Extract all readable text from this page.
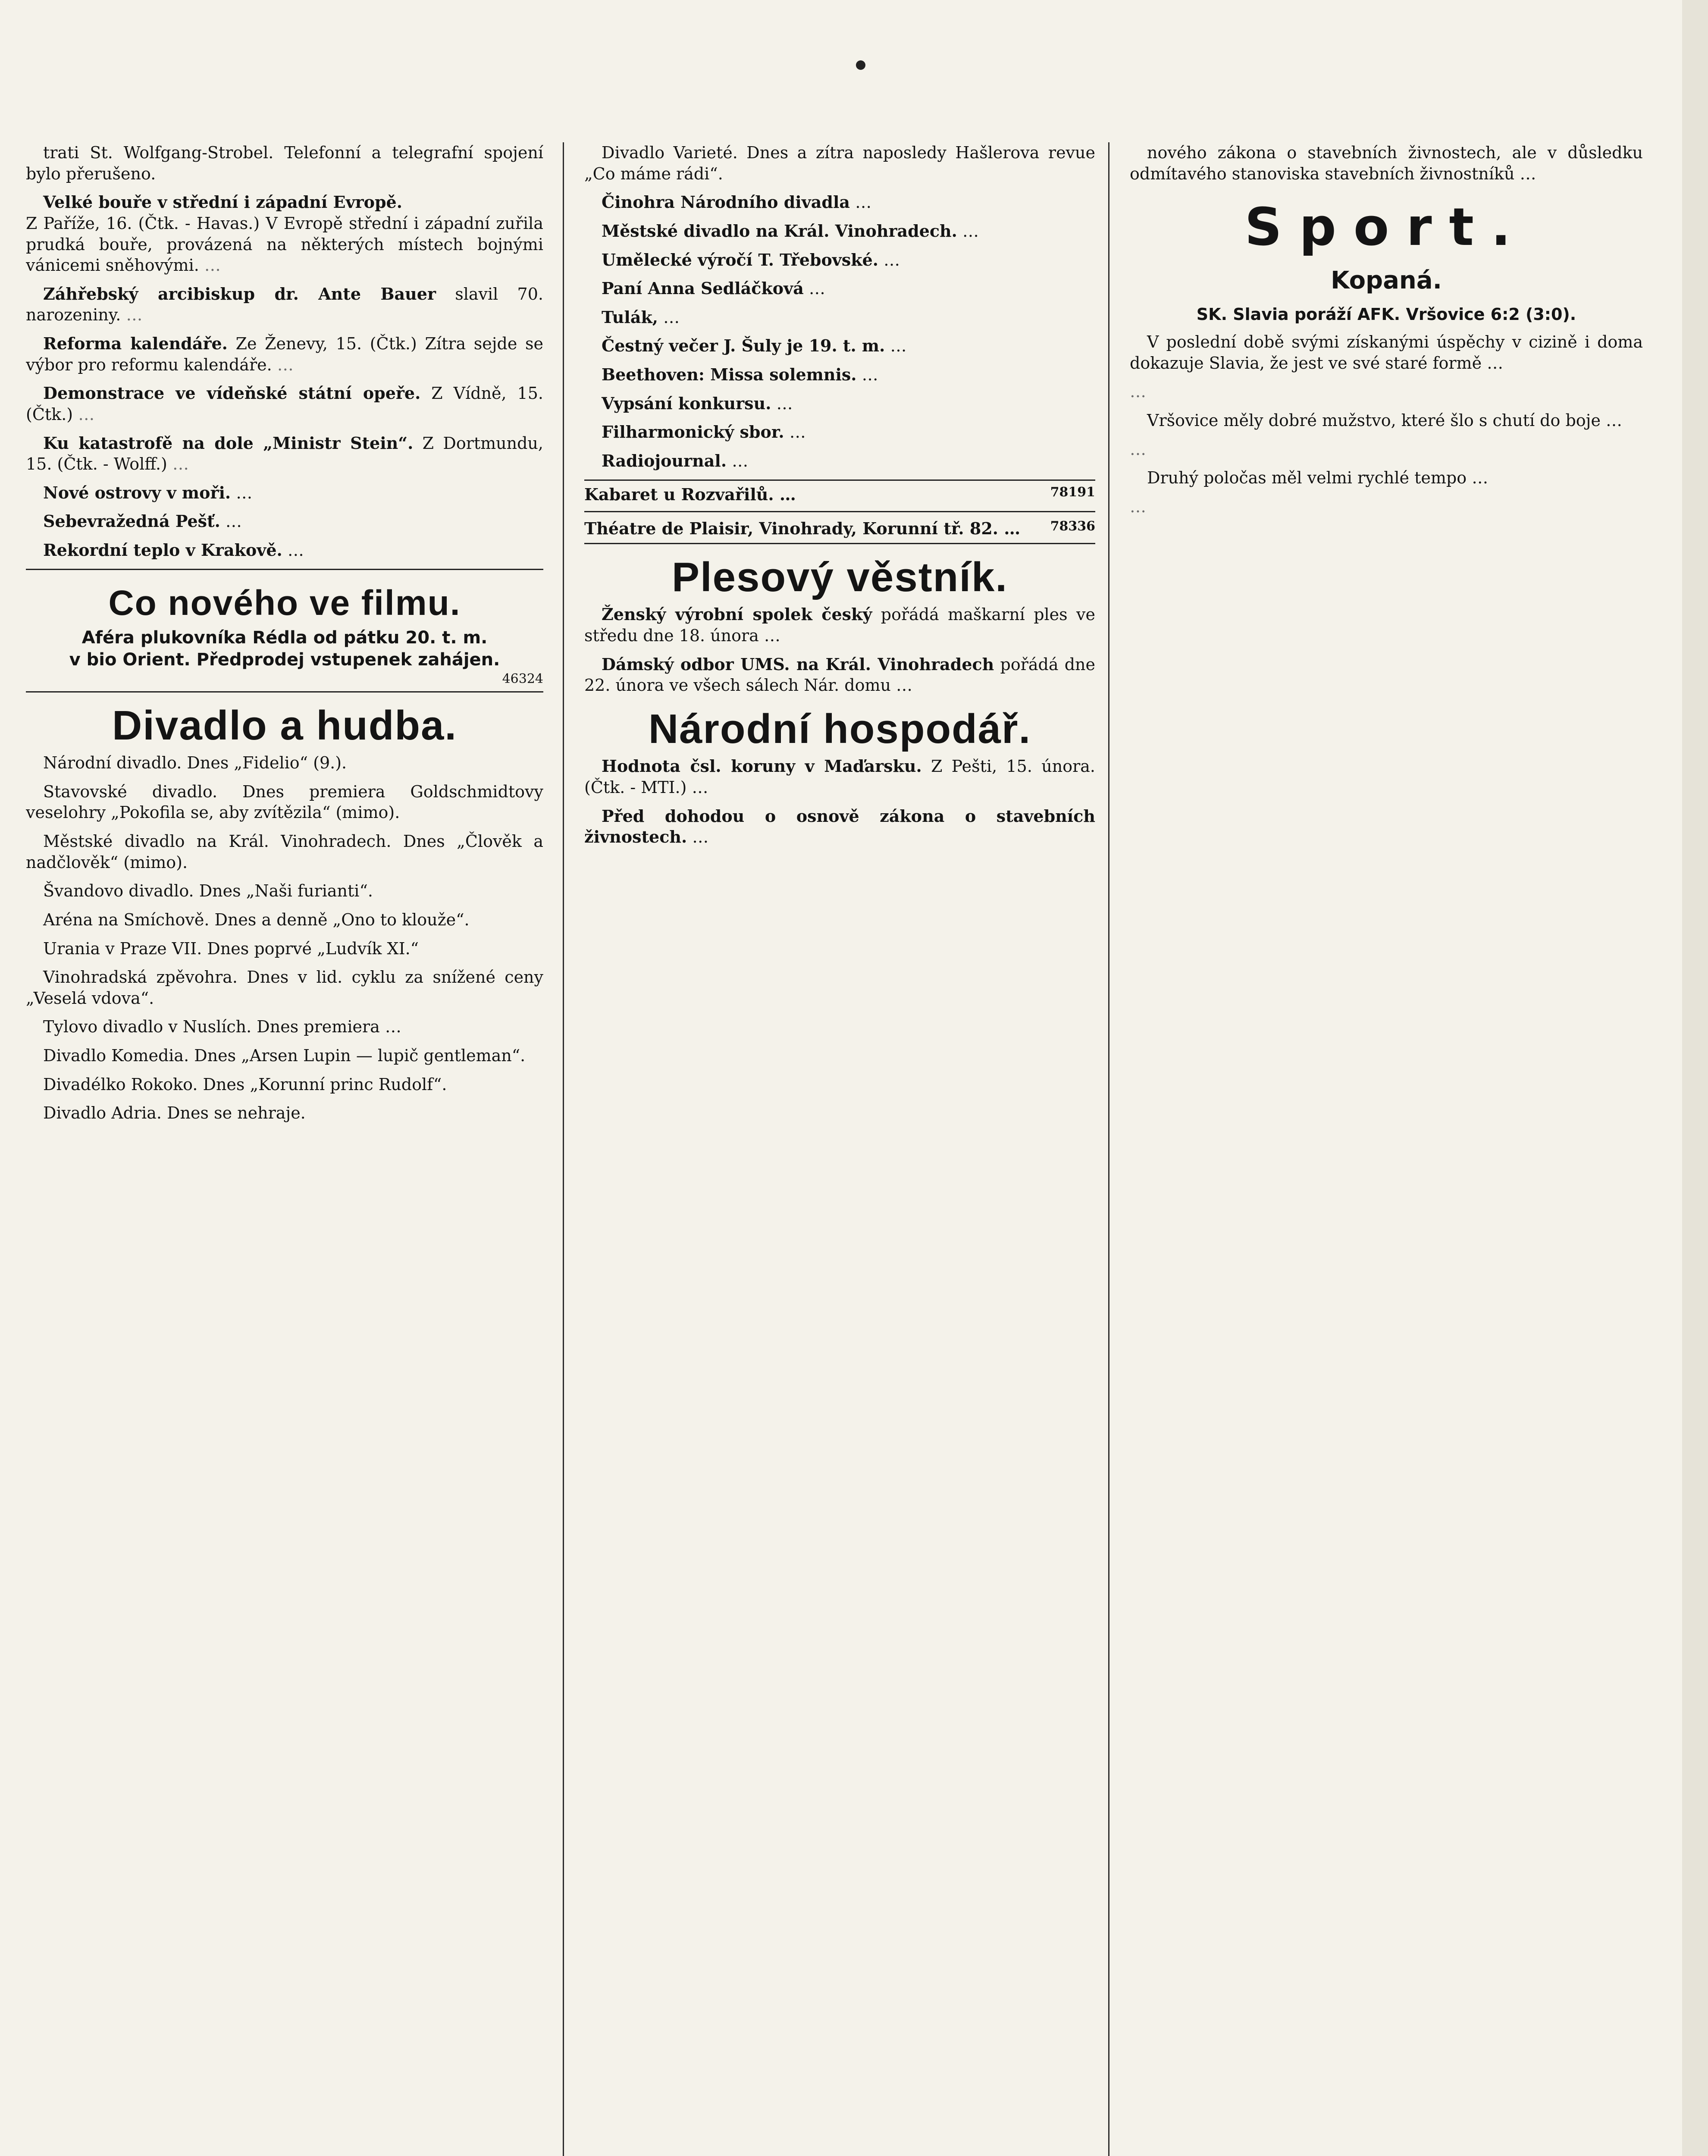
trati St. Wolfgang-Strobel. Telefonní a telegrafní spojení bylo přerušeno.

Velké bouře v střední i západní Evropě.
Z Paříže, 16. (Čtk. - Havas.) V Evropě střední i západní zuřila prudká bouře, provázená na některých místech bojnými vánicemi sněhovými. …

Záhřebský arcibiskup dr. Ante Bauer slavil 70. narozeniny. …

Reforma kalendáře. Ze Ženevy, 15. (Čtk.) Zítra sejde se výbor pro reformu kalendáře. …

Demonstrace ve vídeňské státní opeře. Z Vídně, 15. (Čtk.) …

Ku katastrofě na dole „Ministr Stein“. Z Dortmundu, 15. (Čtk. - Wolff.) …

Nové ostrovy v moři. …

Sebevražedná Pešť. …

Rekordní teplo v Krakově. …

Co nového ve filmu.
Aféra plukovníka Rédla od pátku 20. t. m.
v bio Orient. Předprodej vstupenek zahájen.
46324
Divadlo a hudba.

Národní divadlo. Dnes „Fidelio“ (9.).

Stavovské divadlo. Dnes premiera Goldschmidtovy veselohry „Pokofila se, aby zvítězila“ (mimo).

Městské divadlo na Král. Vinohradech. Dnes „Člověk a nadčlověk“ (mimo).

Švandovo divadlo. Dnes „Naši furianti“.

Aréna na Smíchově. Dnes a denně „Ono to klouže“.

Urania v Praze VII. Dnes poprvé „Ludvík XI.“

Vinohradská zpěvohra. Dnes v lid. cyklu za snížené ceny „Veselá vdova“.

Tylovo divadlo v Nuslích. Dnes premiera …

Divadlo Komedia. Dnes „Arsen Lupin — lupič gentleman“.

Divadélko Rokoko. Dnes „Korunní princ Rudolf“.

Divadlo Adria. Dnes se nehraje.

Divadlo Varieté. Dnes a zítra naposledy Hašlerova revue „Co máme rádi“.

Činohra Národního divadla …

Městské divadlo na Král. Vinohradech. …

Umělecké výročí T. Třebovské. …

Paní Anna Sedláčková …

Tulák, …

Čestný večer J. Šuly je 19. t. m. …

Beethoven: Missa solemnis. …

Vypsání konkursu. …

Filharmonický sbor. …

Radiojournal. …

Kabaret u Rozvařilů. …	78191
Théatre de Plaisir, Vinohrady, Korunní tř. 82. … 78336
Plesový věstník.

Ženský výrobní spolek český pořádá maškarní ples ve středu dne 18. února …

Dámský odbor UMS. na Král. Vinohradech pořádá dne 22. února ve všech sálech Nár. domu …

Národní hospodář.

Hodnota čsl. koruny v Maďarsku. Z Pešti, 15. února. (Čtk. - MTI.) …

Před dohodou o osnově zákona o stavebních živnostech. …

nového zákona o stavebních živnostech, ale v důsledku odmítavého stanoviska stavebních živnostníků …

Sport.
Kopaná.
SK. Slavia poráží AFK. Vršovice 6:2 (3:0).

V poslední době svými získanými úspěchy v cizině i doma dokazuje Slavia, že jest ve své staré formě …

…

Vršovice měly dobré mužstvo, které šlo s chutí do boje …

…

Druhý poločas měl velmi rychlé tempo …

…
